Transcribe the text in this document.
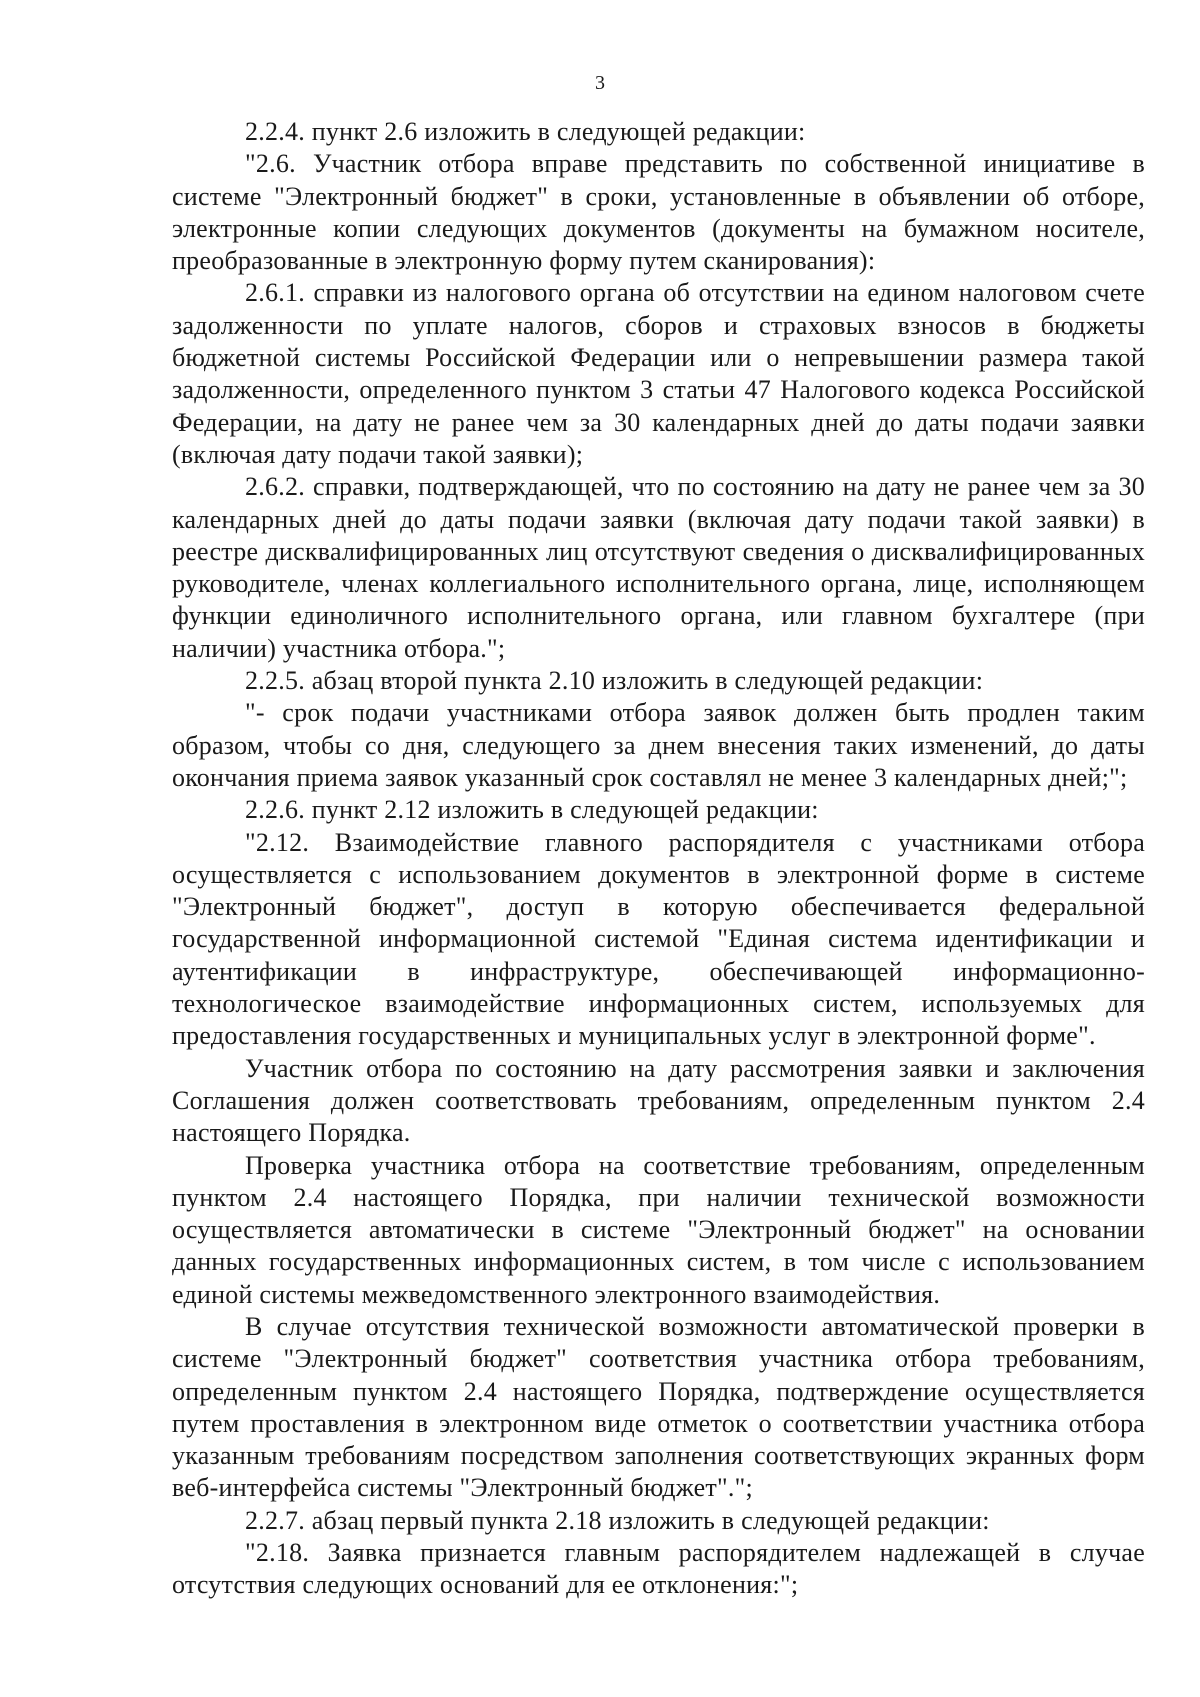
3

2.2.4. пункт 2.6 изложить в следующей редакции:

"2.6. Участник отбора вправе представить по собственной инициативе в системе "Электронный бюджет" в сроки, установленные в объявлении об отборе, электронные копии следующих документов (документы на бумажном носителе, преобразованные в электронную форму путем сканирования):

2.6.1. справки из налогового органа об отсутствии на едином налоговом счете задолженности по уплате налогов, сборов и страховых взносов в бюджеты бюджетной системы Российской Федерации или о непревышении размера такой задолженности, определенного пунктом 3 статьи 47 Налогового кодекса Российской Федерации, на дату не ранее чем за 30 календарных дней до даты подачи заявки (включая дату подачи такой заявки);

2.6.2. справки, подтверждающей, что по состоянию на дату не ранее чем за 30 календарных дней до даты подачи заявки (включая дату подачи такой заявки) в реестре дисквалифицированных лиц отсутствуют сведения о дисквалифицированных руководителе, членах коллегиального исполнительного органа, лице, исполняющем функции единоличного исполнительного органа, или главном бухгалтере (при наличии) участника отбора.";

2.2.5. абзац второй пункта 2.10 изложить в следующей редакции:

"- срок подачи участниками отбора заявок должен быть продлен таким образом, чтобы со дня, следующего за днем внесения таких изменений, до даты окончания приема заявок указанный срок составлял не менее 3 календарных дней;";

2.2.6. пункт 2.12 изложить в следующей редакции:

"2.12. Взаимодействие главного распорядителя с участниками отбора осуществляется с использованием документов в электронной форме в системе "Электронный бюджет", доступ в которую обеспечивается федеральной государственной информационной системой "Единая система идентификации и аутентификации в инфраструктуре, обеспечивающей информационно-технологическое взаимодействие информационных систем, используемых для предоставления государственных и муниципальных услуг в электронной форме".

Участник отбора по состоянию на дату рассмотрения заявки и заключения Соглашения должен соответствовать требованиям, определенным пунктом 2.4 настоящего Порядка.

Проверка участника отбора на соответствие требованиям, определенным пунктом 2.4 настоящего Порядка, при наличии технической возможности осуществляется автоматически в системе "Электронный бюджет" на основании данных государственных информационных систем, в том числе с использованием единой системы межведомственного электронного взаимодействия.

В случае отсутствия технической возможности автоматической проверки в системе "Электронный бюджет" соответствия участника отбора требованиям, определенным пунктом 2.4 настоящего Порядка, подтверждение осуществляется путем проставления в электронном виде отметок о соответствии участника отбора указанным требованиям посредством заполнения соответствующих экранных форм веб-интерфейса системы "Электронный бюджет".";

2.2.7. абзац первый пункта 2.18 изложить в следующей редакции:

"2.18. Заявка признается главным распорядителем надлежащей в случае отсутствия следующих оснований для ее отклонения:";
